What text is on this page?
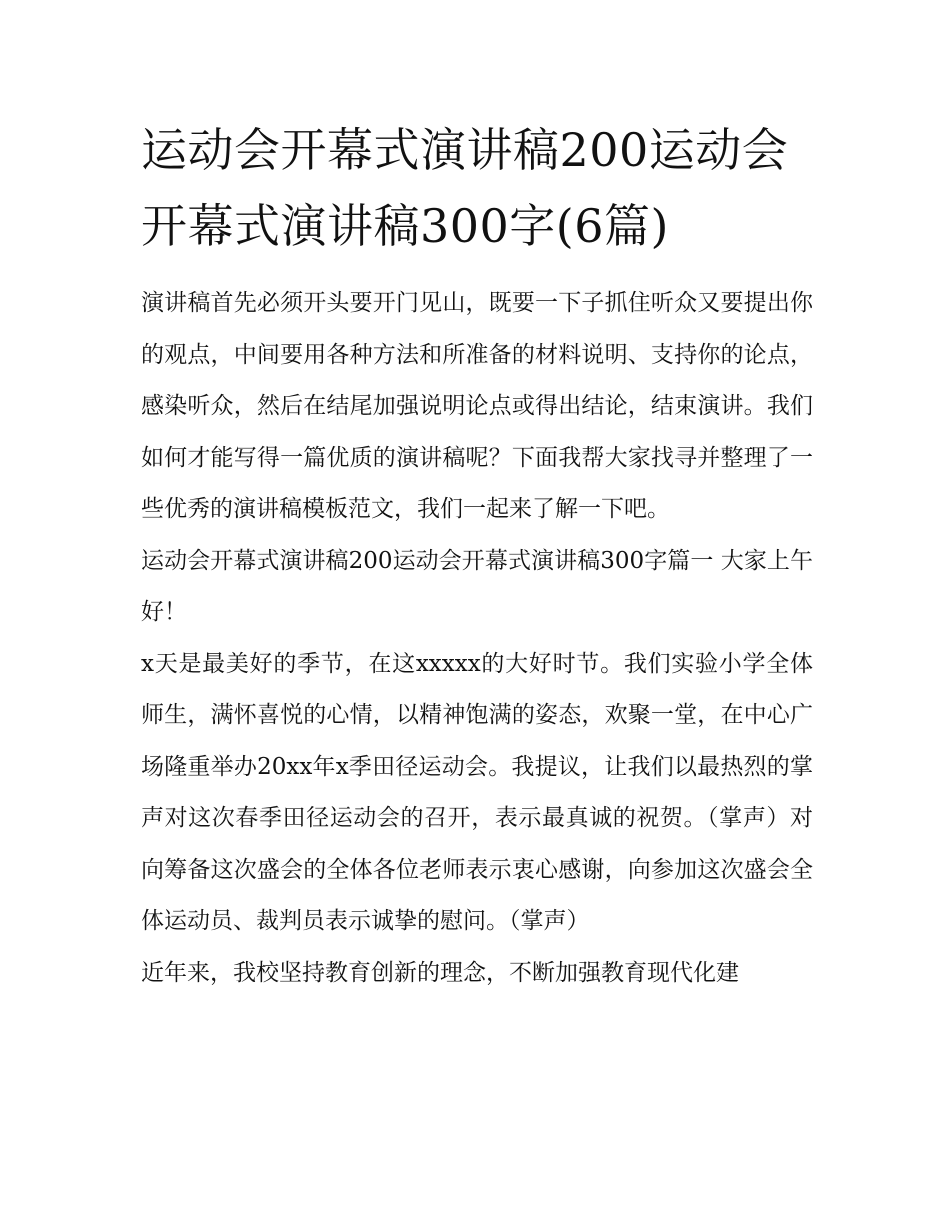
运动会开幕式演讲稿200运动会开幕式演讲稿300字(6篇)

演讲稿首先必须开头要开门见山，既要一下子抓住听众又要提出你的观点，中间要用各种方法和所准备的材料说明、支持你的论点，感染听众，然后在结尾加强说明论点或得出结论，结束演讲。我们如何才能写得一篇优质的演讲稿呢？下面我帮大家找寻并整理了一些优秀的演讲稿模板范文，我们一起来了解一下吧。

运动会开幕式演讲稿200运动会开幕式演讲稿300字篇一 大家上午好！

x天是最美好的季节，在这xxxxx的大好时节。我们实验小学全体师生，满怀喜悦的心情，以精神饱满的姿态，欢聚一堂，在中心广场隆重举办20xx年x季田径运动会。我提议，让我们以最热烈的掌声对这次春季田径运动会的召开，表示最真诚的祝贺。（掌声）对向筹备这次盛会的全体各位老师表示衷心感谢，向参加这次盛会全体运动员、裁判员表示诚挚的慰问。（掌声）

近年来，我校坚持教育创新的理念，不断加强教育现代化建
